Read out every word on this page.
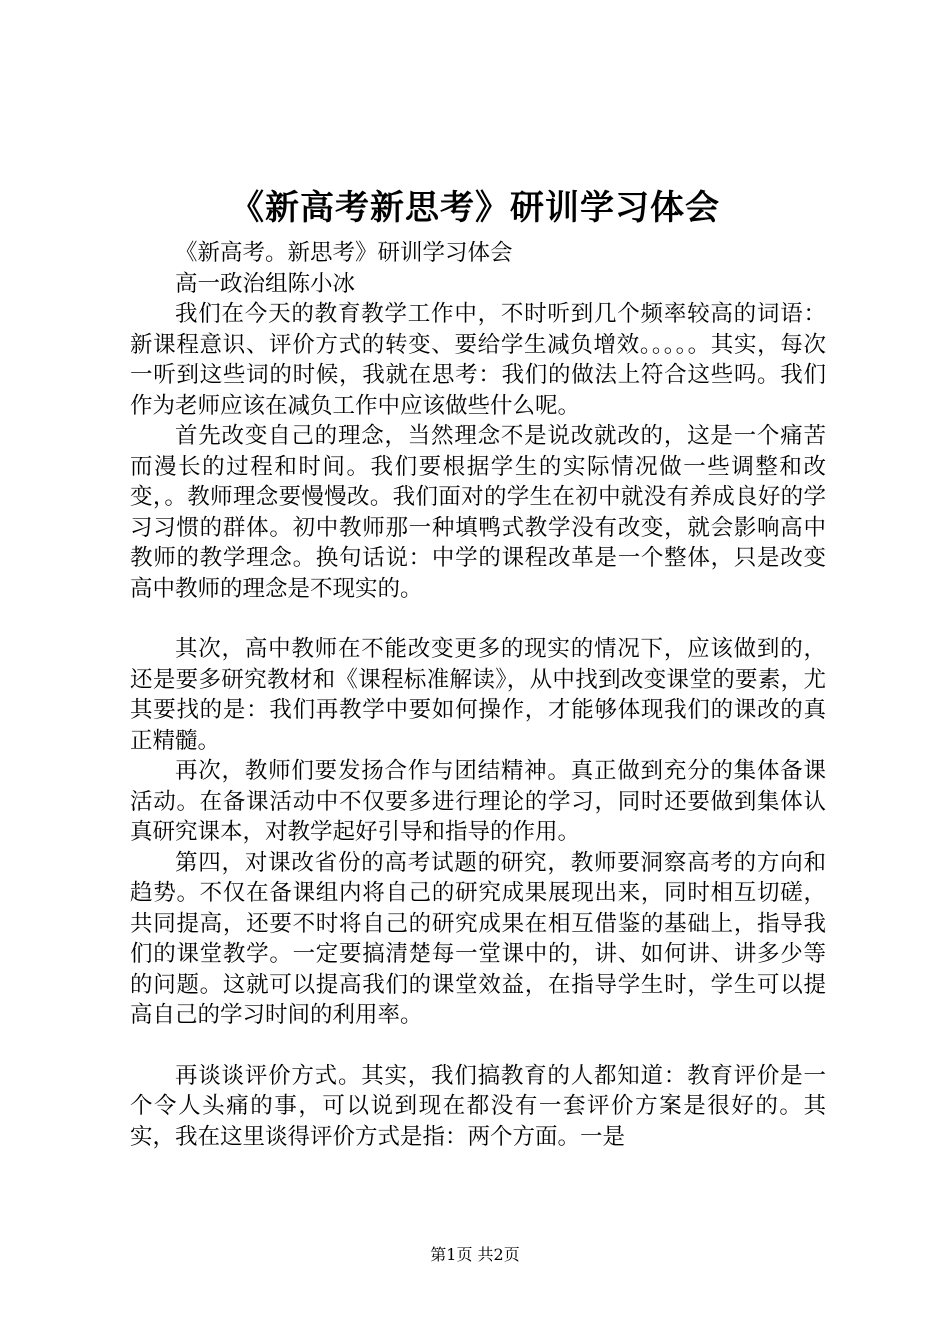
《新高考新思考》研训学习体会

《新高考。新思考》研训学习体会

高一政治组陈小冰

我们在今天的教育教学工作中，不时听到几个频率较高的词语：新课程意识、评价方式的转变、要给学生减负增效。。。。。其实，每次一听到这些词的时候，我就在思考：我们的做法上符合这些吗。我们作为老师应该在减负工作中应该做些什么呢。

首先改变自己的理念，当然理念不是说改就改的，这是一个痛苦而漫长的过程和时间。我们要根据学生的实际情况做一些调整和改变，。教师理念要慢慢改。我们面对的学生在初中就没有养成良好的学习习惯的群体。初中教师那一种填鸭式教学没有改变，就会影响高中教师的教学理念。换句话说：中学的课程改革是一个整体，只是改变高中教师的理念是不现实的。

其次，高中教师在不能改变更多的现实的情况下，应该做到的，还是要多研究教材和《课程标准解读》，从中找到改变课堂的要素，尤其要找的是：我们再教学中要如何操作，才能够体现我们的课改的真正精髓。

再次，教师们要发扬合作与团结精神。真正做到充分的集体备课活动。在备课活动中不仅要多进行理论的学习，同时还要做到集体认真研究课本，对教学起好引导和指导的作用。

第四，对课改省份的高考试题的研究，教师要洞察高考的方向和趋势。不仅在备课组内将自己的研究成果展现出来，同时相互切磋，共同提高，还要不时将自己的研究成果在相互借鉴的基础上，指导我们的课堂教学。一定要搞清楚每一堂课中的，讲、如何讲、讲多少等的问题。这就可以提高我们的课堂效益，在指导学生时，学生可以提高自己的学习时间的利用率。

再谈谈评价方式。其实，我们搞教育的人都知道：教育评价是一个令人头痛的事，可以说到现在都没有一套评价方案是很好的。其实，我在这里谈得评价方式是指：两个方面。一是

第1页 共2页
